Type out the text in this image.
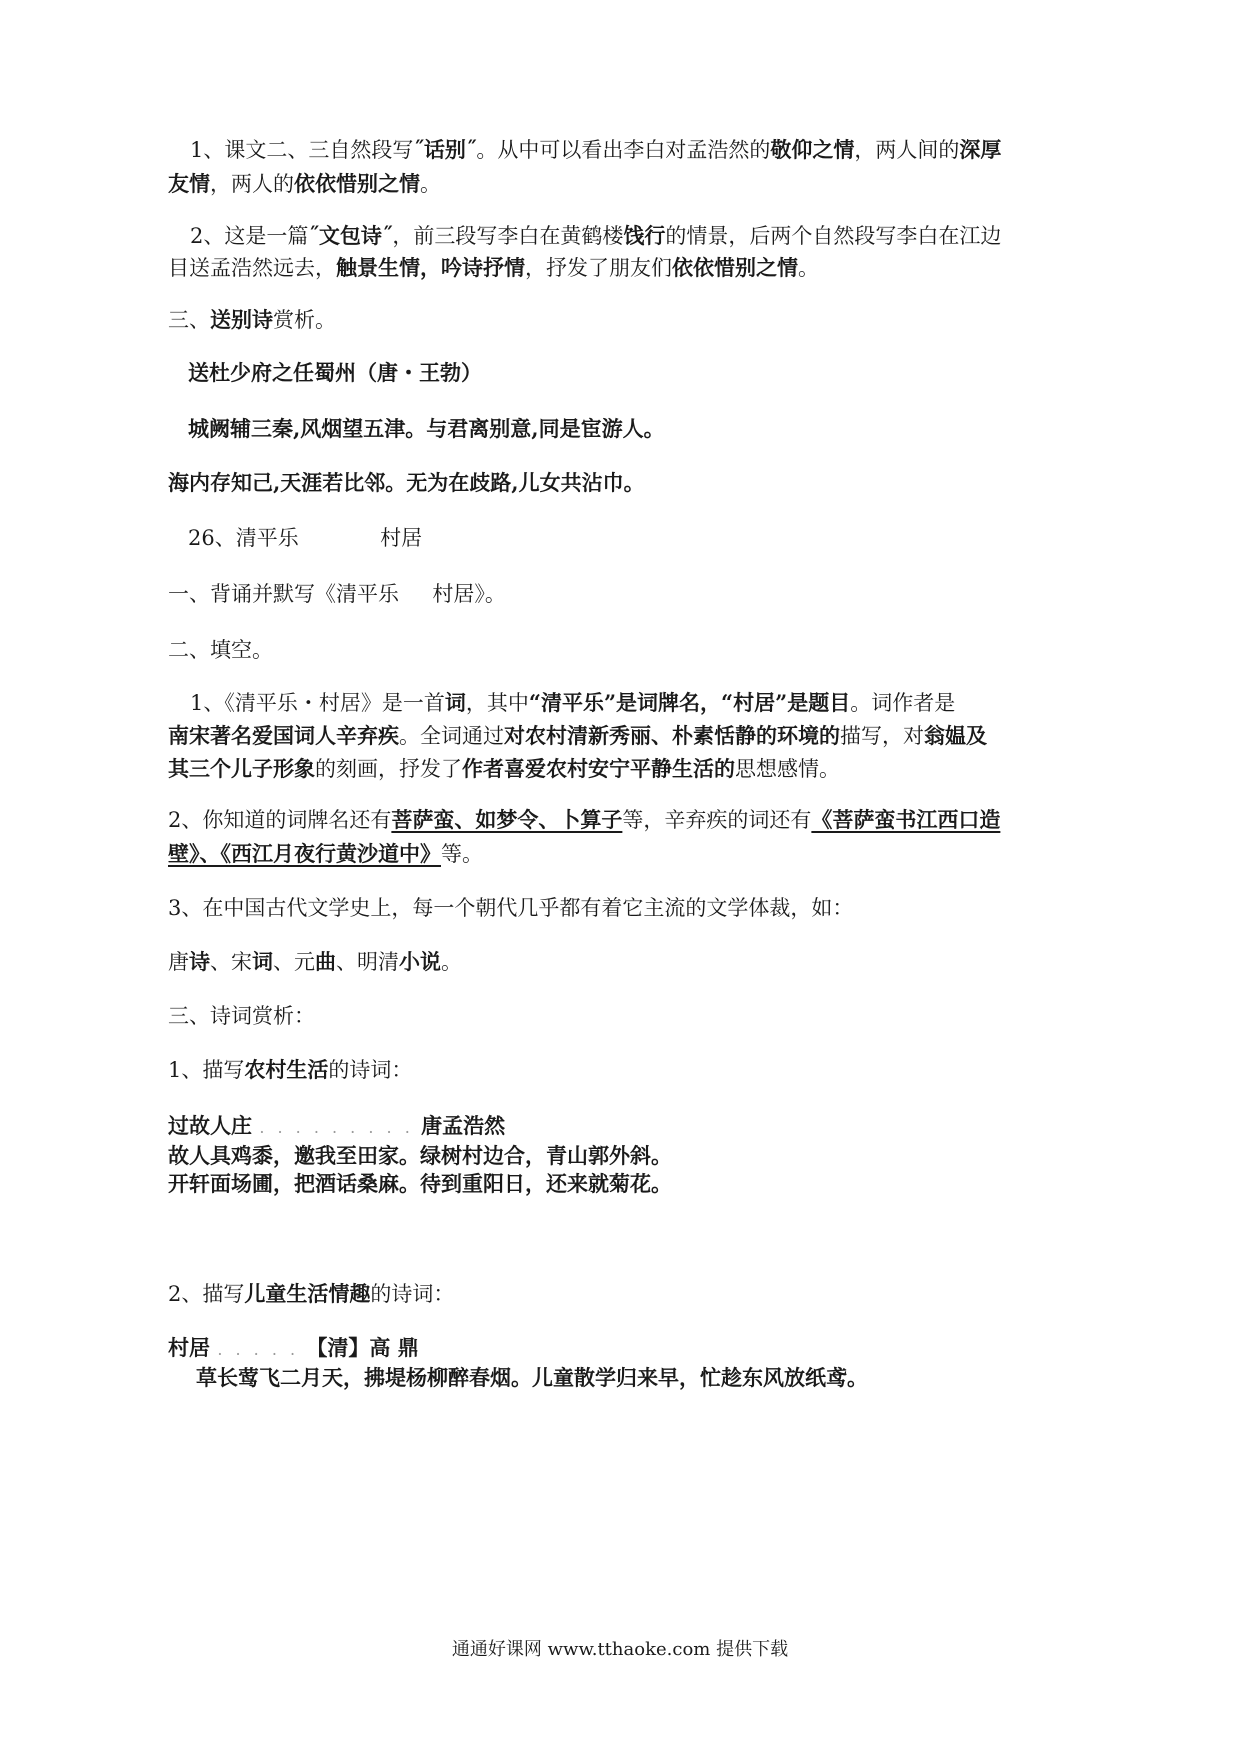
1、课文二、三自然段写˝话别˝。从中可以看出李白对孟浩然的敬仰之情，两人间的深厚
友情，两人的依依惜别之情。
2、这是一篇˝文包诗˝，前三段写李白在黄鹤楼饯行的情景，后两个自然段写李白在江边
目送孟浩然远去，触景生情，吟诗抒情，抒发了朋友们依依惜别之情。
三、送别诗赏析。
送杜少府之任蜀州（唐・王勃）
城阙辅三秦,风烟望五津。与君离别意,同是宦游人。
海内存知己,天涯若比邻。无为在歧路,儿女共沾巾。
26、清平乐	村居
一、背诵并默写《清平乐 村居》。
二、填空。
1、《清平乐・村居》是一首词，其中“清平乐”是词牌名，“村居”是题目。词作者是
南宋著名爱国词人辛弃疾。全词通过对农村清新秀丽、朴素恬静的环境的描写，对翁媪及
其三个儿子形象的刻画，抒发了作者喜爱农村安宁平静生活的思想感情。
2、你知道的词牌名还有菩萨蛮、如梦令、卜算子等，辛弃疾的词还有《菩萨蛮书江西口造
壁》、《西江月夜行黄沙道中》等。
3、在中国古代文学史上，每一个朝代几乎都有着它主流的文学体裁，如：
唐诗、宋词、元曲、明清小说。
三、诗词赏析：
1、描写农村生活的诗词：
过故人庄 . . . . . . . . . 唐孟浩然
故人具鸡黍，邀我至田家。绿树村边合，青山郭外斜。
开轩面场圃，把酒话桑麻。待到重阳日，还来就菊花。
2、描写儿童生活情趣的诗词：
村居 . . . . . 【清】高 鼎
草长莺飞二月天，拂堤杨柳醉春烟。儿童散学归来早，忙趁东风放纸鸢。
通通好课网 www.tthaoke.com 提供下载
